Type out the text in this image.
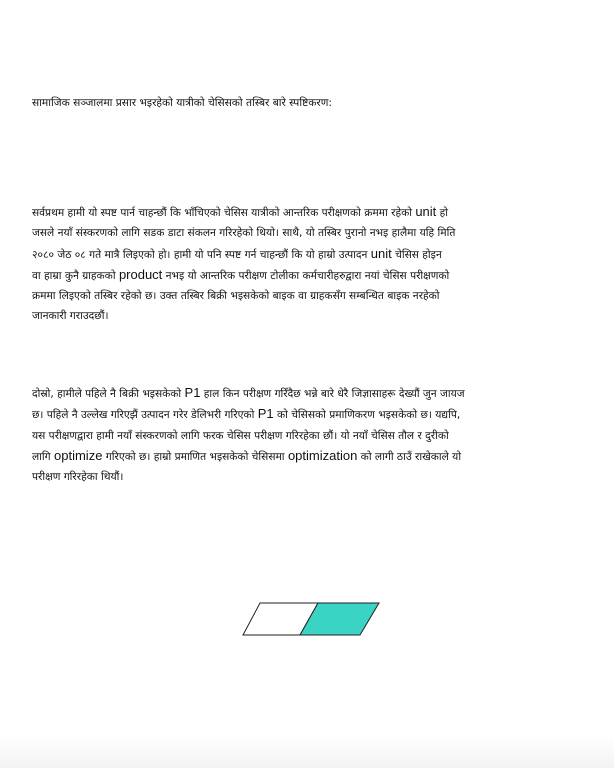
सामाजिक सञ्जालमा प्रसार भइरहेको यात्रीको चेसिसको तस्बिर बारे स्पष्टिकरण:

सर्वप्रथम हामी यो स्पष्ट पार्न चाहन्छौं कि भाँचिएको चेसिस यात्रीको आन्तरिक परीक्षणको क्रममा रहेको unit हो
जसले नयाँ संस्करणको लागि सडक डाटा संकलन गरिरहेको थियो। साथै, यो तस्बिर पुरानो नभइ हालैमा यहि मिति
२०८० जेठ ०८ गते मात्रै लिइएको हो। हामी यो पनि स्पष्ट गर्न चाहन्छौं कि यो हाम्रो उत्पादन unit चेसिस होइन
वा हाम्रा कुनै ग्राहकको product नभइ यो आन्तरिक परीक्षण टोलीका कर्मचारीहरुद्वारा नयां चेसिस परीक्षणको
क्रममा लिइएको तस्बिर रहेको छ। उक्त तस्बिर बिक्री भइसकेको बाइक वा ग्राहकसँग सम्बन्धित बाइक नरहेको
जानकारी गराउदछौं।

दोस्रो, हामीले पहिले नै बिक्री भइसकेको P1 हाल किन परीक्षण गरिँदैछ भन्ने बारे धेरै जिज्ञासाहरू देख्यौं जुन जायज
छ। पहिले नै उल्लेख गरिएझैं उत्पादन गरेर डेलिभरी गरिएको P1 को चेसिसको प्रमाणिकरण भइसकेको छ। यद्यपि,
यस परीक्षणद्वारा हामी नयाँ संस्करणको लागि फरक चेसिस परीक्षण गरिरहेका छौं। यो नयाँ चेसिस तौल र दुरीको
लागि optimize गरिएको छ। हाम्रो प्रमाणित भइसकेको चेसिसमा optimization को लागी ठाउँ राखेकाले यो
परीक्षण गरिरहेका थियौं।
